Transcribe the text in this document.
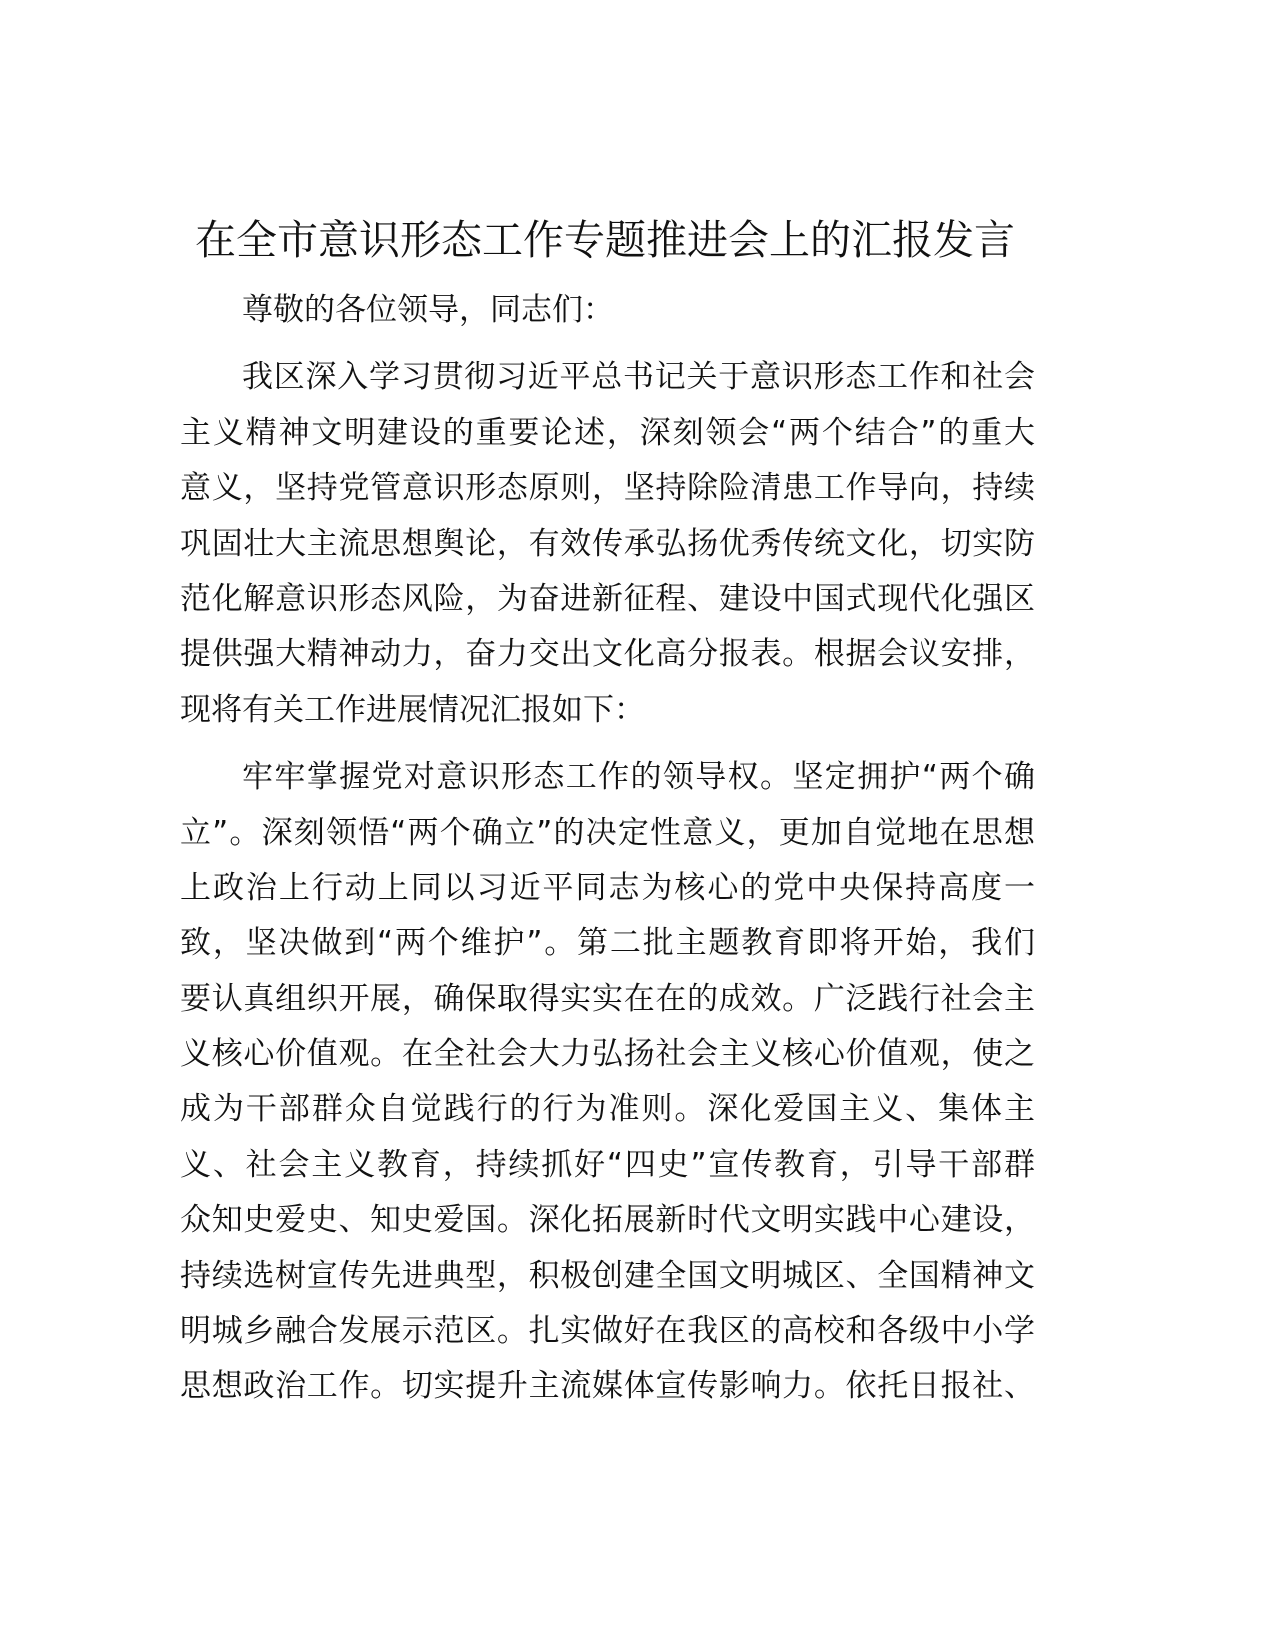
在全市意识形态工作专题推进会上的汇报发言
尊敬的各位领导，同志们：
我区深入学习贯彻习近平总书记关于意识形态工作和社会
主义精神文明建设的重要论述，深刻领会“两个结合”的重大
意义，坚持党管意识形态原则，坚持除险清患工作导向，持续
巩固壮大主流思想舆论，有效传承弘扬优秀传统文化，切实防
范化解意识形态风险，为奋进新征程、建设中国式现代化强区
提供强大精神动力，奋力交出文化高分报表。根据会议安排，
现将有关工作进展情况汇报如下：
牢牢掌握党对意识形态工作的领导权。坚定拥护“两个确
立”。深刻领悟“两个确立”的决定性意义，更加自觉地在思想
上政治上行动上同以习近平同志为核心的党中央保持高度一
致，坚决做到“两个维护”。第二批主题教育即将开始，我们
要认真组织开展，确保取得实实在在的成效。广泛践行社会主
义核心价值观。在全社会大力弘扬社会主义核心价值观，使之
成为干部群众自觉践行的行为准则。深化爱国主义、集体主
义、社会主义教育，持续抓好“四史”宣传教育，引导干部群
众知史爱史、知史爱国。深化拓展新时代文明实践中心建设，
持续选树宣传先进典型，积极创建全国文明城区、全国精神文
明城乡融合发展示范区。扎实做好在我区的高校和各级中小学
思想政治工作。切实提升主流媒体宣传影响力。依托日报社、
